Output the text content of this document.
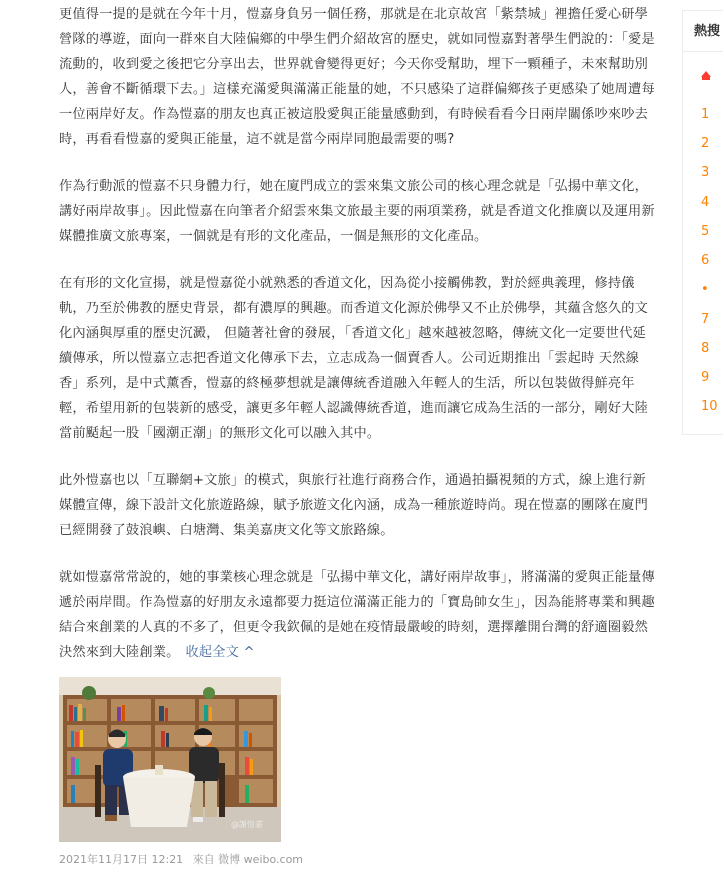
更值得一提的是就在今年十月，愷嘉身負另一個任務，那就是在北京故宮「紫禁城」裡擔任愛心研學營隊的導遊，面向一群來自大陸偏鄉的中學生們介紹故宮的歷史，就如同愷嘉對著學生們說的：「愛是流動的，收到愛之後把它分享出去，世界就會變得更好；今天你受幫助，埋下一顆種子，未來幫助別人，善會不斷循環下去。」這樣充滿愛與滿滿正能量的她，不只感染了這群偏鄉孩子更感染了她周遭每一位兩岸好友。作為愷嘉的朋友也真正被這股愛與正能量感動到，有時候看看今日兩岸關係吵來吵去時，再看看愷嘉的愛與正能量，這不就是當今兩岸同胞最需要的嗎?

作為行動派的愷嘉不只身體力行，她在廈門成立的雲來集文旅公司的核心理念就是「弘揚中華文化，講好兩岸故事」。因此愷嘉在向筆者介紹雲來集文旅最主要的兩項業務，就是香道文化推廣以及運用新媒體推廣文旅專案，一個就是有形的文化產品，一個是無形的文化產品。

在有形的文化宣揚，就是愷嘉從小就熟悉的香道文化，因為從小接觸佛教，對於經典義理，修持儀軌，乃至於佛教的歷史背景，都有濃厚的興趣。而香道文化源於佛學又不止於佛學，其蘊含悠久的文化內涵與厚重的歷史沉澱， 但隨著社會的發展，「香道文化」越來越被忽略，傳統文化一定要世代延續傳承，所以愷嘉立志把香道文化傳承下去，立志成為一個賣香人。公司近期推出「雲起時 天然線香」系列，是中式薰香，愷嘉的終極夢想就是讓傳統香道融入年輕人的生活，所以包裝做得鮮亮年輕，希望用新的包裝新的感受，讓更多年輕人認識傳統香道，進而讓它成為生活的一部分，剛好大陸當前颳起一股「國潮正潮」的無形文化可以融入其中。

此外愷嘉也以「互聯網+文旅」的模式，與旅行社進行商務合作，通過拍攝視頻的方式，線上進行新媒體宣傳，線下設計文化旅遊路線，賦予旅遊文化內涵，成為一種旅遊時尚。現在愷嘉的團隊在廈門已經開發了鼓浪嶼、白塘灣、集美嘉庚文化等文旅路線。

就如愷嘉常常說的，她的事業核心理念就是「弘揚中華文化，講好兩岸故事」，將滿滿的愛與正能量傳遞於兩岸間。作為愷嘉的好朋友永遠都要力挺這位滿滿正能力的「寶島帥女生」，因為能將專業和興趣結合來創業的人真的不多了，但更令我欽佩的是她在疫情最嚴峻的時刻，選擇離開台灣的舒適圈毅然決然來到大陸創業。 收起全文 ^

@謝愷嘉
2021年11月17日 12:21 來自 微博 weibo.com
熱搜
1
2
3
4
5
6
•
7
8
9
10
